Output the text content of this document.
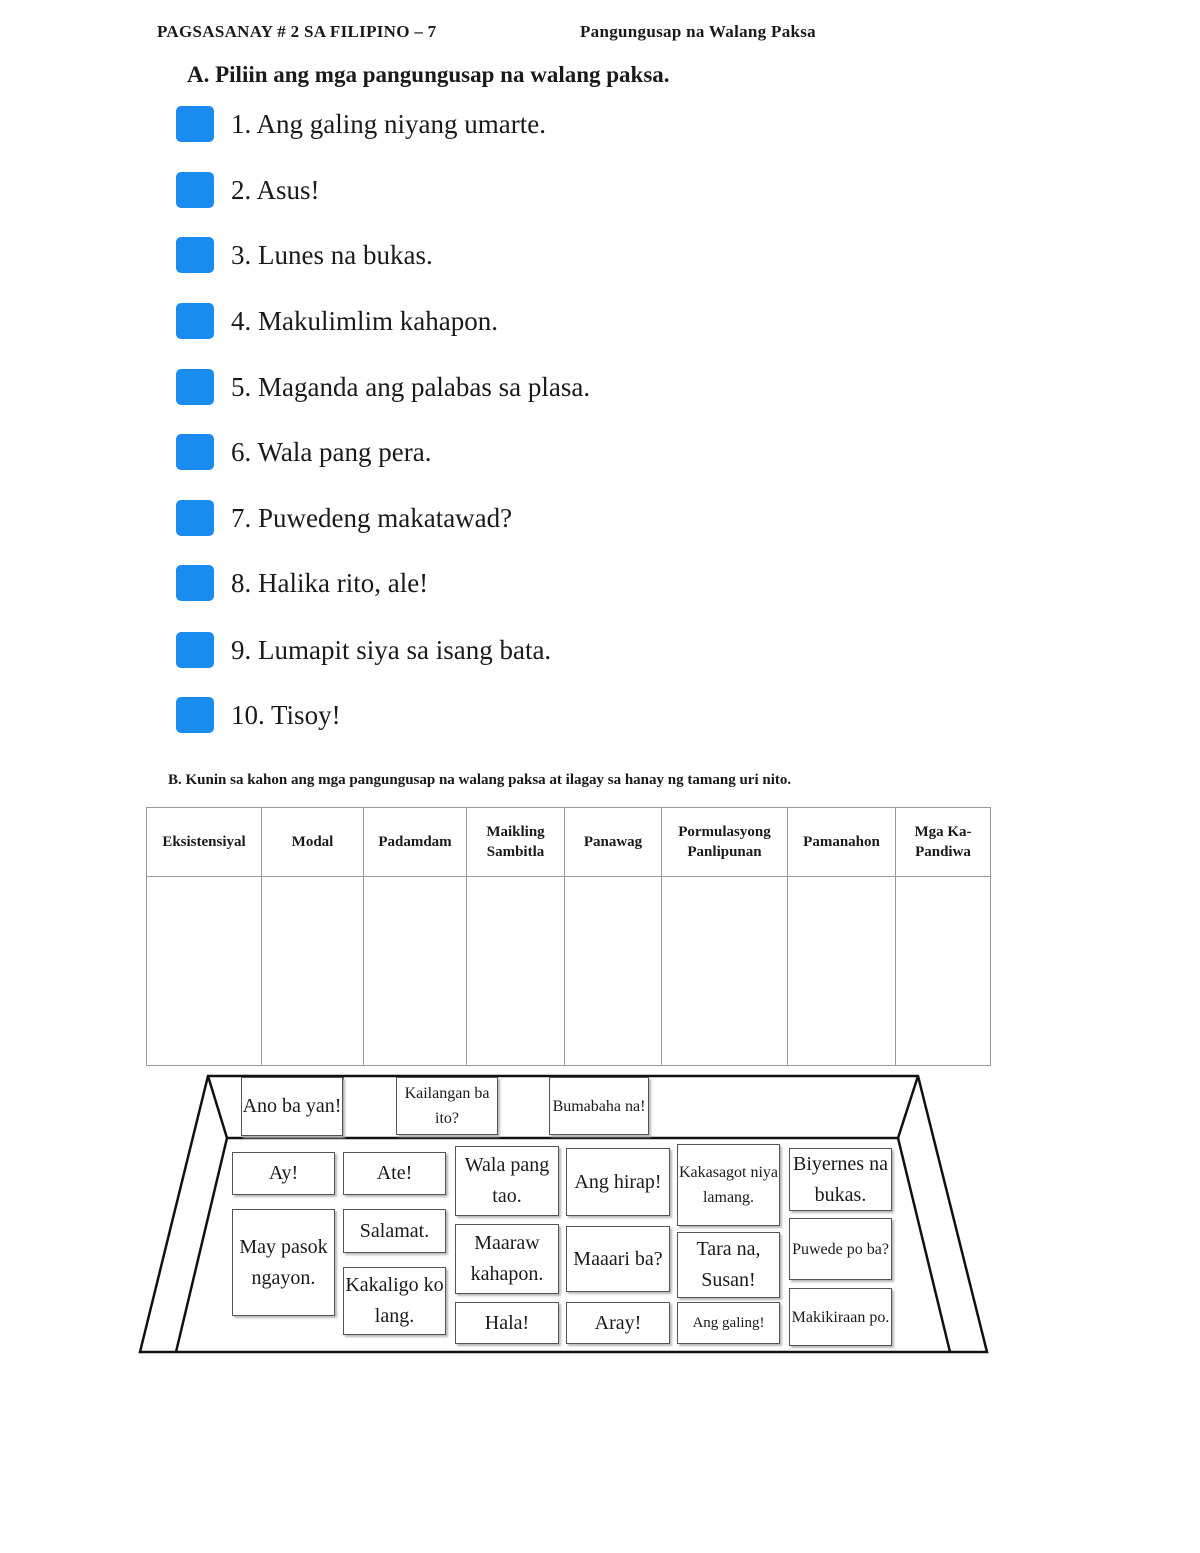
PAGSASANAY # 2 SA FILIPINO – 7	Pangungusap na Walang Paksa
A. Piliin ang mga pangungusap na walang paksa.
1. Ang galing niyang umarte.
2. Asus!
3. Lunes na bukas.
4. Makulimlim kahapon.
5. Maganda ang palabas sa plasa.
6. Wala pang pera.
7. Puwedeng makatawad?
8. Halika rito, ale!
9. Lumapit siya sa isang bata.
10. Tisoy!
B. Kunin sa kahon ang mga pangungusap na walang paksa at ilagay sa hanay ng tamang uri nito.
Eksistensiyal	Modal	Padamdam	Maikling Sambitla	Panawag	Pormulasyong Panlipunan	Pamanahon	Mga Ka-Pandiwa

Ano ba yan!
Kailangan ba ito?
Bumabaha na!
Ay!	Ate!	Wala pang tao.
Ang hirap! Kakasagot niya lamang.
Biyernes na bukas.
May pasok ngayon.
Salamat.
Maaraw kahapon.
Maaari ba?	Tara na, Susan!
Puwede po ba?
Kakaligo ko lang.	Hala!	Aray!	Ang galing! Makikiraan po.
